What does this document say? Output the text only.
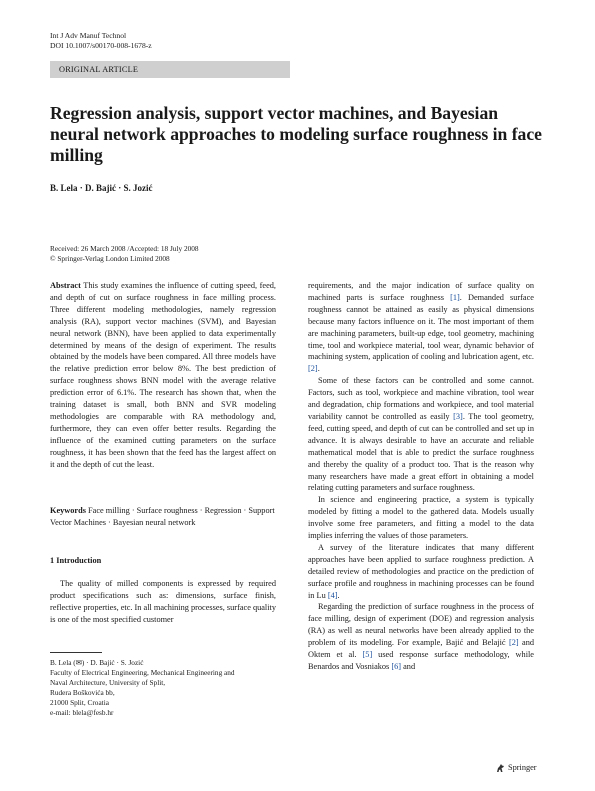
Int J Adv Manuf Technol
DOI 10.1007/s00170-008-1678-z
ORIGINAL ARTICLE
Regression analysis, support vector machines, and Bayesian neural network approaches to modeling surface roughness in face milling
B. Lela · D. Bajić · S. Jozić
Received: 26 March 2008 /Accepted: 18 July 2008
© Springer-Verlag London Limited 2008

Abstract This study examines the influence of cutting speed, feed, and depth of cut on surface roughness in face milling process. Three different modeling methodologies, namely regression analysis (RA), support vector machines (SVM), and Bayesian neural network (BNN), have been applied to data experimentally determined by means of the design of experiment. The results obtained by the models have been compared. All three models have the relative prediction error below 8%. The best prediction of surface roughness shows BNN model with the average relative prediction error of 6.1%. The research has shown that, when the training dataset is small, both BNN and SVR modeling methodologies are comparable with RA methodology and, furthermore, they can even offer better results. Regarding the influence of the examined cutting parameters on the surface roughness, it has been shown that the feed has the largest affect on it and the depth of cut the least.

Keywords Face milling · Surface roughness · Regression · Support Vector Machines · Bayesian neural network

1 Introduction

The quality of milled components is expressed by required product specifications such as: dimensions, surface finish, reflective properties, etc. In all machining processes, surface quality is one of the most specified customer

B. Lela (✉) · D. Bajić · S. Jozić
Faculty of Electrical Engineering, Mechanical Engineering and
Naval Architecture, University of Split,
Rudera Boškovića bb,
21000 Split, Croatia
e-mail: blela@fesb.hr

requirements, and the major indication of surface quality on machined parts is surface roughness [1]. Demanded surface roughness cannot be attained as easily as physical dimensions because many factors influence on it. The most important of them are machining parameters, built-up edge, tool geometry, machining time, tool and workpiece material, tool wear, dynamic behavior of machining system, application of cooling and lubrication agent, etc. [2].

Some of these factors can be controlled and some cannot. Factors, such as tool, workpiece and machine vibration, tool wear and degradation, chip formations and workpiece, and tool material variability cannot be controlled as easily [3]. The tool geometry, feed, cutting speed, and depth of cut can be controlled and set up in advance. It is always desirable to have an accurate and reliable mathematical model that is able to predict the surface roughness and thereby the quality of a product too. That is the reason why many researchers have made a great effort in obtaining a model relating cutting parameters and surface roughness.

In science and engineering practice, a system is typically modeled by fitting a model to the gathered data. Models usually involve some free parameters, and fitting a model to the data implies inferring the values of those parameters.

A survey of the literature indicates that many different approaches have been applied to surface roughness prediction. A detailed review of methodologies and practice on the prediction of surface profile and roughness in machining processes can be found in Lu [4].

Regarding the prediction of surface roughness in the process of face milling, design of experiment (DOE) and regression analysis (RA) as well as neural networks have been already applied to the problem of its modeling. For example, Bajić and Belajić [2] and Oktem et al. [5] used response surface methodology, while Benardos and Vosniakos [6] and

Springer
